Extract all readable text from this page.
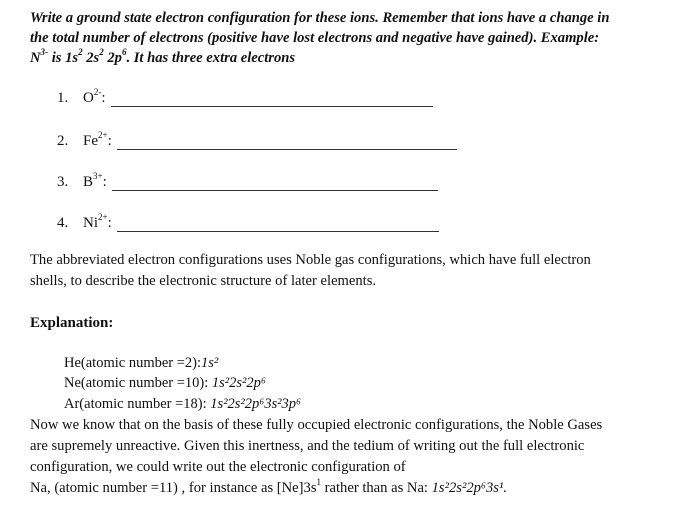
Write a ground state electron configuration for these ions. Remember that ions have a change in
the total number of electrons (positive have lost electrons and negative have gained). Example:
$N^{3-}$ is $1s^2$ $2s^2$ $2p^6$. It has three extra electrons
1. $O^{2-}$:
2. $Fe^{2+}$:
3. $B^{3+}$:
4. $Ni^{2+}$:
The abbreviated electron configurations uses Noble gas configurations, which have full electron
shells, to describe the electronic structure of later elements.
Explanation:
He(atomic number =2):1s²
Ne(atomic number =10): 1s²2s²2p⁶
Ar(atomic number =18): 1s²2s²2p⁶3s²3p⁶
Now we know that on the basis of these fully occupied electronic configurations, the Noble Gases
are supremely unreactive. Given this inertness, and the tedium of writing out the full electronic
configuration, we could write out the electronic configuration of
Na, (atomic number =11) , for instance as $[Ne]3s^1$ rather than as Na: 1s²2s²2p⁶3s¹.
